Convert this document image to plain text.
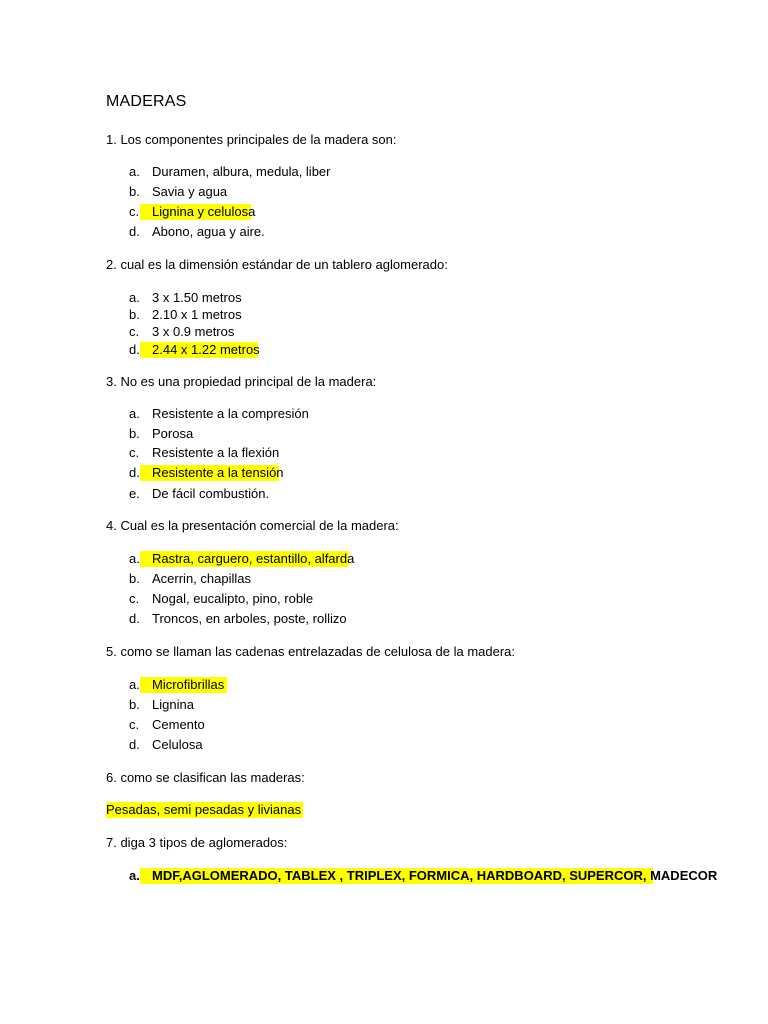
MADERAS
1. Los componentes principales de la madera son:
a. Duramen, albura, medula, liber
b. Savia y agua
c. Lignina y celulosa
d. Abono, agua y aire.
2. cual es la dimensión estándar de un tablero aglomerado:
a. 3 x 1.50 metros
b. 2.10 x 1 metros
c. 3 x 0.9 metros
d. 2.44 x 1.22 metros
3. No es una propiedad principal de la madera:
a. Resistente a la compresión
b. Porosa
c. Resistente a la flexión
d. Resistente a la tensión
e. De fácil combustión.
4. Cual es la presentación comercial de la madera:
a. Rastra, carguero, estantillo, alfarda
b. Acerrin, chapillas
c. Nogal, eucalipto, pino, roble
d. Troncos, en arboles, poste, rollizo
5. como se llaman las cadenas entrelazadas de celulosa de la madera:
a. Microfibrillas
b. Lignina
c. Cemento
d. Celulosa
6. como se clasifican las maderas:
Pesadas, semi pesadas y livianas
7. diga 3 tipos de aglomerados:
a. MDF,AGLOMERADO, TABLEX , TRIPLEX, FORMICA, HARDBOARD, SUPERCOR, MADECOR
